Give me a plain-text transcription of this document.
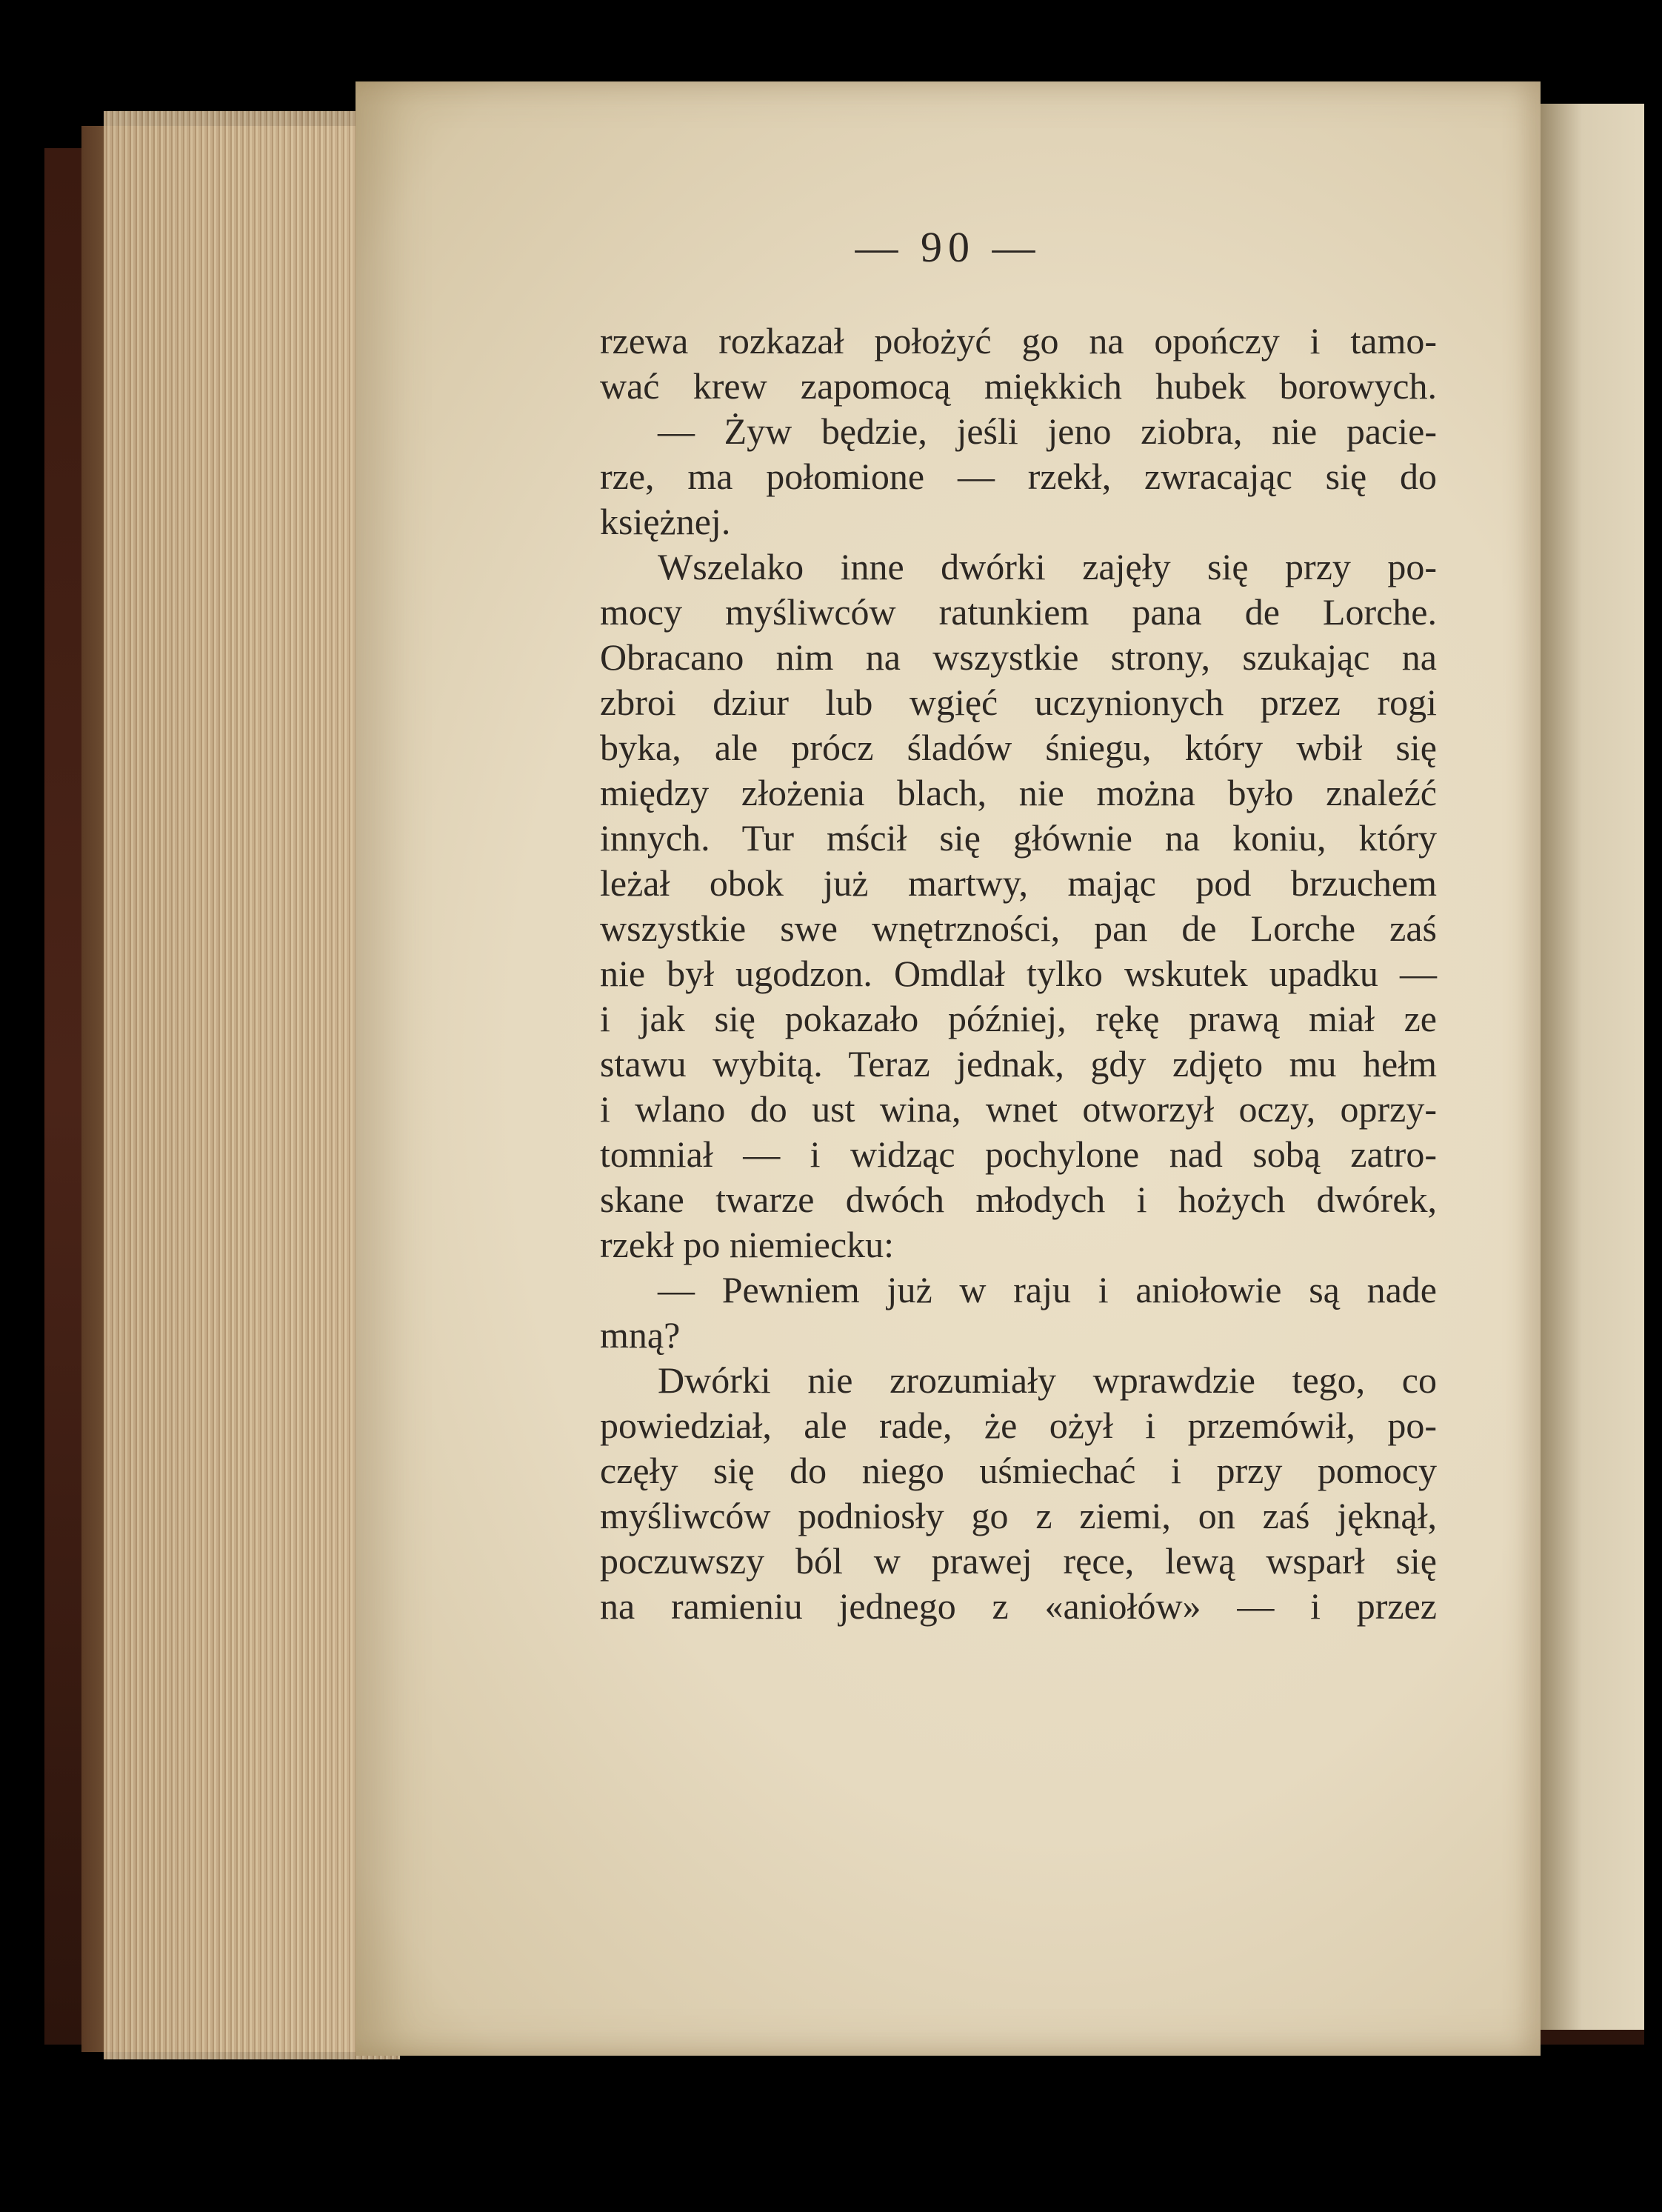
— 90 —
rzewa rozkazał położyć go na opończy i tamo-
wać krew zapomocą miękkich hubek borowych.
— Żyw będzie, jeśli jeno ziobra, nie pacie-
rze, ma połomione — rzekł, zwracając się do
księżnej.
Wszelako inne dwórki zajęły się przy po-
mocy myśliwców ratunkiem pana de Lorche.
Obracano nim na wszystkie strony, szukając na
zbroi dziur lub wgięć uczynionych przez rogi
byka, ale prócz śladów śniegu, który wbił się
między złożenia blach, nie można było znaleźć
innych. Tur mścił się głównie na koniu, który
leżał obok już martwy, mając pod brzuchem
wszystkie swe wnętrzności, pan de Lorche zaś
nie był ugodzon. Omdlał tylko wskutek upadku —
i jak się pokazało później, rękę prawą miał ze
stawu wybitą. Teraz jednak, gdy zdjęto mu hełm
i wlano do ust wina, wnet otworzył oczy, oprzy-
tomniał — i widząc pochylone nad sobą zatro-
skane twarze dwóch młodych i hożych dwórek,
rzekł po niemiecku:
— Pewniem już w raju i aniołowie są nade
mną?
Dwórki nie zrozumiały wprawdzie tego, co
powiedział, ale rade, że ożył i przemówił, po-
częły się do niego uśmiechać i przy pomocy
myśliwców podniosły go z ziemi, on zaś jęknął,
poczuwszy ból w prawej ręce, lewą wsparł się
na ramieniu jednego z «aniołów» — i przez
